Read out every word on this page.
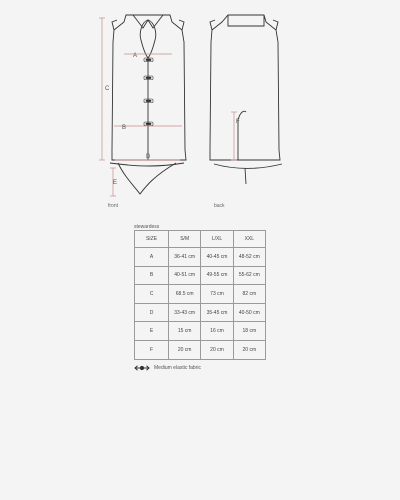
A
B
C
D
E
F
front	back
stewardess
SIZE	S/M	L/XL	XXL
A	36-41 cm	40-45 cm	48-52 cm
B	40-51 cm	49-55 cm	55-62 cm
C	68.5 cm	73 cm	82 cm
D	33-43 cm	35-45 cm	40-50 cm
E	15 cm	16 cm	18 cm
F	20 cm	20 cm	20 cm
Medium elastic fabric
